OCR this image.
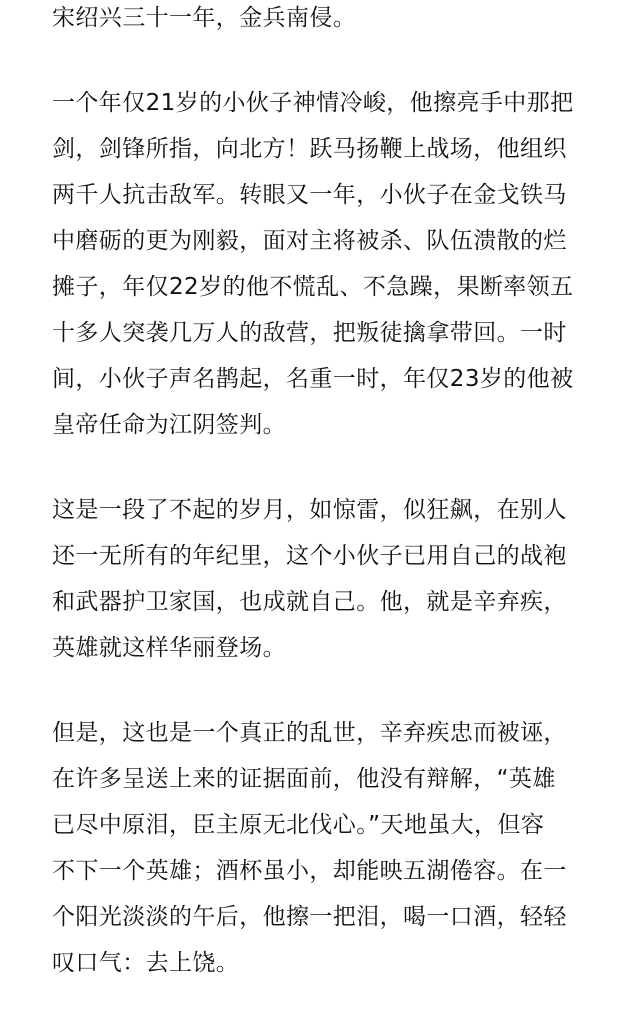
宋绍兴三十一年，金兵南侵。
一个年仅21岁的小伙子神情冷峻，他擦亮手中那把
剑，剑锋所指，向北方！跃马扬鞭上战场，他组织
两千人抗击敌军。转眼又一年，小伙子在金戈铁马
中磨砺的更为刚毅，面对主将被杀、队伍溃散的烂
摊子，年仅22岁的他不慌乱、不急躁，果断率领五
十多人突袭几万人的敌营，把叛徒擒拿带回。一时
间，小伙子声名鹊起，名重一时，年仅23岁的他被
皇帝任命为江阴签判。
这是一段了不起的岁月，如惊雷，似狂飙，在别人
还一无所有的年纪里，这个小伙子已用自己的战袍
和武器护卫家国，也成就自己。他，就是辛弃疾，
英雄就这样华丽登场。
但是，这也是一个真正的乱世，辛弃疾忠而被诬，
在许多呈送上来的证据面前，他没有辩解，“英雄
已尽中原泪，臣主原无北伐心。”天地虽大，但容
不下一个英雄；酒杯虽小，却能映五湖倦容。在一
个阳光淡淡的午后，他擦一把泪，喝一口酒，轻轻
叹口气：去上饶。
